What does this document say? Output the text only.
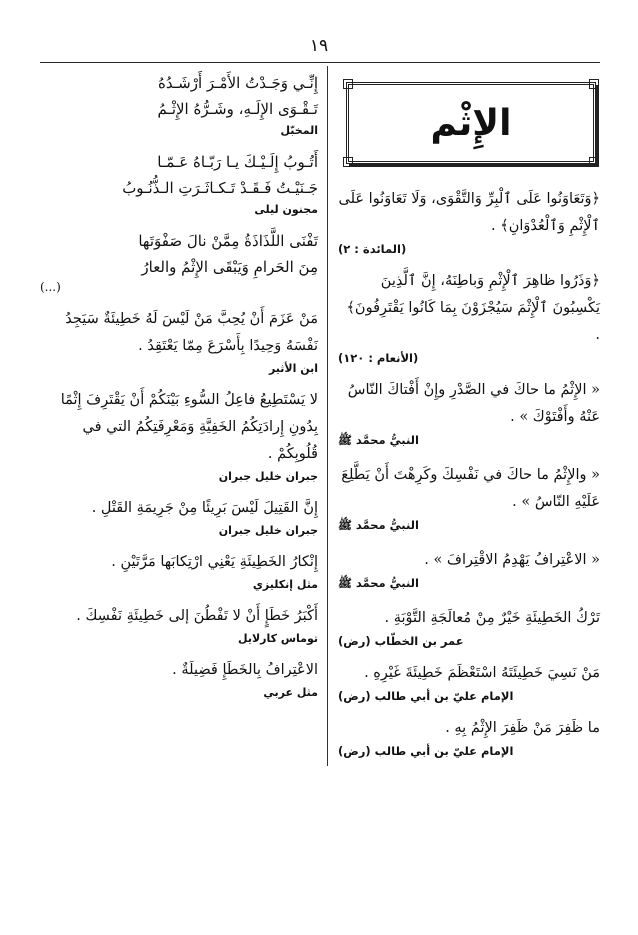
١٩
الإِثْم
﴿وَتَعَاوَنُوا عَلَى ٱلْبِرِّ وَالتَّقْوَى، وَلَا تَعَاوَنُوا عَلَى ٱلْإِثْمِ وَٱلْعُدْوَانِ﴾ .
(المائدة : ٢)
﴿وَذَرُوا ظاهِرَ ٱلْإِثْمِ وَباطِنَهُ، إِنَّ ٱلَّذِينَ يَكْسِبُونَ ٱلْإِثْمَ سَيُجْزَوْنَ بِمَا كَانُوا يَقْتَرِفُونَ﴾ .
(الأنعام : ١٢٠)
« الإِثْمُ ما حاكَ في الصَّدْرِ وإِنْ أَفْتاكَ النّاسُ عَنْهُ وأَفْتَوْكَ » .
النبيُّ محمَّد ﷺ
« والإِثْمُ ما حاكَ في نَفْسِكَ وكَرِهْتَ أَنْ يَطَّلِعَ عَلَيْهِ النّاسُ » .
النبيُّ محمَّد ﷺ
« الاعْتِرافُ يَهْدِمُ الاقْتِرافَ » .
النبيُّ محمَّد ﷺ
تَرْكُ الخَطِيئَةِ خَيْرٌ مِنْ مُعالَجَةِ التَّوْبَةِ .
عمر بن الخطّاب (رض)
مَنْ نَسِيَ خَطِيئَتَهُ اسْتَعْظَمَ خَطِيئَةَ غَيْرِهِ .
الإمام عليّ بن أبي طالب (رض)
ما ظَفِرَ مَنْ ظَفِرَ الإِثْمُ بِهِ .
الإمام عليّ بن أبي طالب (رض)
إِنِّـي وَجَـدْتُ الأَمْـرَ أَرْشَـدُهُ
تَـقْـوَى الإِلَـهِ، وشَـرُّهُ الإِثْـمُ
المخبّل
أَتُـوبُ إِلَـيْـكَ يـا رَبّـاهُ عَـمّـا
جَـنَيْـتُ فَـقَـدْ تَـكـاثَـرَتِ الـذُّنُـوبُ
مجنون ليلى
تَفْنَى اللَّذَاذَةُ مِمَّنْ نالَ صَفْوَتَها
مِنَ الحَرامِ وَيَبْقَى الإِثْمُ والعارُ
(...)
مَنْ عَزَمَ أَنْ يُحِبَّ مَنْ لَيْسَ لَهُ خَطِيئَةٌ سَيَجِدُ نَفْسَهُ وَحِيدًا بِأَسْرَعَ مِمّا يَعْتَقِدُ .
ابن الأثير
لا يَسْتَطِيعُ فاعِلُ السُّوءِ بَيْنَكُمْ أَنْ يَقْتَرِفَ إِثْمًا بِدُونِ إِرادَتِكُمُ الخَفِيَّةِ وَمَعْرِفَتِكُمُ التي في قُلُوبِكُمْ .
جبران خليل جبران
إِنَّ القَتِيلَ لَيْسَ بَرِيئًا مِنْ جَرِيمَةِ القَتْلِ .
جبران خليل جبران
إِنْكارُ الخَطِيئَةِ يَعْنِي ارْتِكابَها مَرَّتَيْنِ .
مثل إنكليزي
أَكْبَرُ خَطَإٍ أَنْ لا تَفْطُنَ إلى خَطِيئَةِ نَفْسِكَ .
توماس كارلايل
الاعْتِرافُ بِالخَطَإِ فَضِيلَةٌ .
مثل عربي
